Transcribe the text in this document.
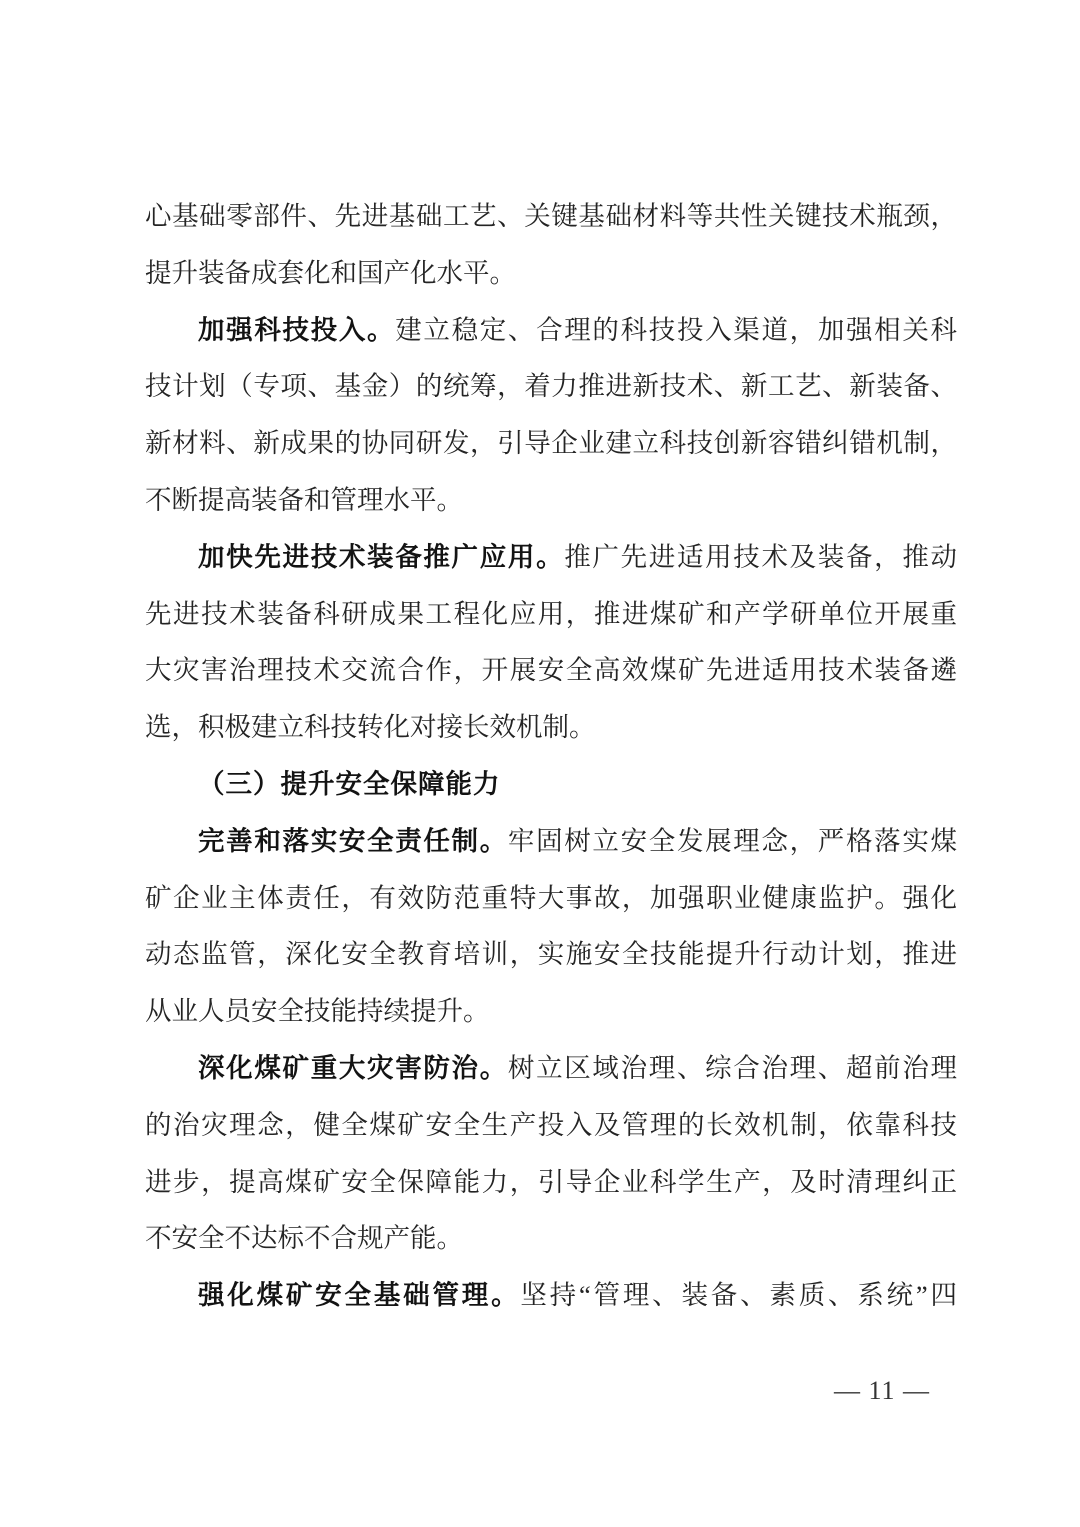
心基础零部件、先进基础工艺、关键基础材料等共性关键技术瓶颈，
提升装备成套化和国产化水平。
加强科技投入。建立稳定、合理的科技投入渠道，加强相关科
技计划（专项、基金）的统筹，着力推进新技术、新工艺、新装备、
新材料、新成果的协同研发，引导企业建立科技创新容错纠错机制，
不断提高装备和管理水平。
加快先进技术装备推广应用。推广先进适用技术及装备，推动
先进技术装备科研成果工程化应用，推进煤矿和产学研单位开展重
大灾害治理技术交流合作，开展安全高效煤矿先进适用技术装备遴
选，积极建立科技转化对接长效机制。
（三）提升安全保障能力
完善和落实安全责任制。牢固树立安全发展理念，严格落实煤
矿企业主体责任，有效防范重特大事故，加强职业健康监护。强化
动态监管，深化安全教育培训，实施安全技能提升行动计划，推进
从业人员安全技能持续提升。
深化煤矿重大灾害防治。树立区域治理、综合治理、超前治理
的治灾理念，健全煤矿安全生产投入及管理的长效机制，依靠科技
进步，提高煤矿安全保障能力，引导企业科学生产，及时清理纠正
不安全不达标不合规产能。
强化煤矿安全基础管理。坚持“管理、装备、素质、系统”四
— 11 —
